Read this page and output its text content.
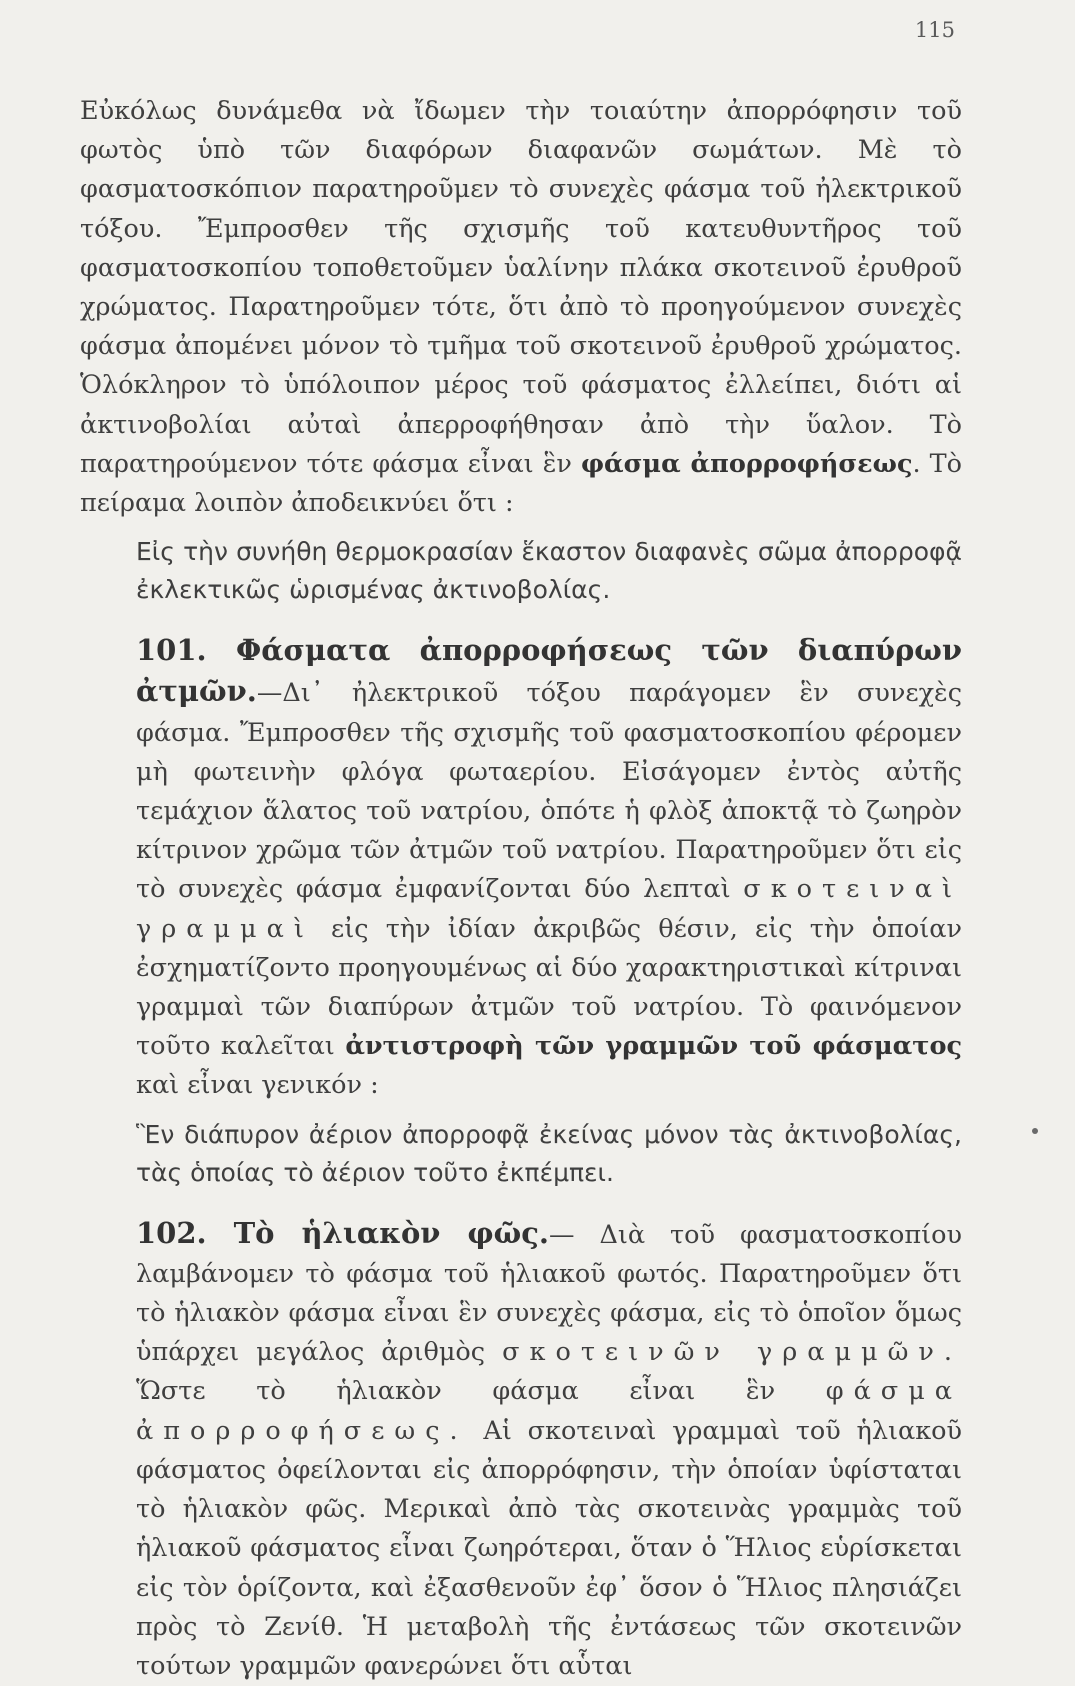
115

Εὐκόλως δυνάμεθα νὰ ἴδωμεν τὴν τοιαύτην ἀπορρόφησιν τοῦ φωτὸς ὑπὸ τῶν διαφόρων διαφανῶν σωμάτων. Μὲ τὸ φασματοσκόπιον παρατηροῦμεν τὸ συνεχὲς φάσμα τοῦ ἠλεκτρικοῦ τόξου. Ἔμπροσθεν τῆς σχισμῆς τοῦ κατευθυντῆρος τοῦ φασματοσκοπίου τοποθετοῦμεν ὑαλίνην πλάκα σκοτεινοῦ ἐρυθροῦ χρώματος. Παρατηροῦμεν τότε, ὅτι ἀπὸ τὸ προηγούμενον συνεχὲς φάσμα ἀπομένει μόνον τὸ τμῆμα τοῦ σκοτεινοῦ ἐρυθροῦ χρώματος. Ὁλόκληρον τὸ ὑπόλοιπον μέρος τοῦ φάσματος ἐλλείπει, διότι αἱ ἀκτινοβολίαι αὐταὶ ἀπερροφήθησαν ἀπὸ τὴν ὕαλον. Τὸ παρατηρούμενον τότε φάσμα εἶναι ἓν φάσμα ἀπορροφήσεως. Τὸ πείραμα λοιπὸν ἀποδεικνύει ὅτι :

Εἰς τὴν συνήθη θερμοκρασίαν ἕκαστον διαφανὲς σῶμα ἀπορροφᾷ ἐκλεκτικῶς ὡρισμένας ἀκτινοβολίας.

101. Φάσματα ἀπορροφήσεως τῶν διαπύρων ἀτμῶν.—Δι᾽ ἠλεκτρικοῦ τόξου παράγομεν ἓν συνεχὲς φάσμα. Ἔμπροσθεν τῆς σχισμῆς τοῦ φασματοσκοπίου φέρομεν μὴ φωτεινὴν φλόγα φωταερίου. Εἰσάγομεν ἐντὸς αὐτῆς τεμάχιον ἅλατος τοῦ νατρίου, ὁπότε ἡ φλὸξ ἀποκτᾷ τὸ ζωηρὸν κίτρινον χρῶμα τῶν ἀτμῶν τοῦ νατρίου. Παρατηροῦμεν ὅτι εἰς τὸ συνεχὲς φάσμα ἐμφανίζονται δύο λεπταὶ σκοτειναὶ γραμμαὶ εἰς τὴν ἰδίαν ἀκριβῶς θέσιν, εἰς τὴν ὁποίαν ἐσχηματίζοντο προηγουμένως αἱ δύο χαρακτηριστικαὶ κίτριναι γραμμαὶ τῶν διαπύρων ἀτμῶν τοῦ νατρίου. Τὸ φαινόμενον τοῦτο καλεῖται ἀντιστροφὴ τῶν γραμμῶν τοῦ φάσματος καὶ εἶναι γενικόν :

Ἓν διάπυρον ἀέριον ἀπορροφᾷ ἐκείνας μόνον τὰς ἀκτινοβολίας, τὰς ὁποίας τὸ ἀέριον τοῦτο ἐκπέμπει.

102. Τὸ ἡλιακὸν φῶς.— Διὰ τοῦ φασματοσκοπίου λαμβάνομεν τὸ φάσμα τοῦ ἡλιακοῦ φωτός. Παρατηροῦμεν ὅτι τὸ ἡλιακὸν φάσμα εἶναι ἓν συνεχὲς φάσμα, εἰς τὸ ὁποῖον ὅμως ὑπάρχει μεγάλος ἀριθμὸς σκοτεινῶν γραμμῶν. Ὥστε τὸ ἡλιακὸν φάσμα εἶναι ἓν φάσμα ἀπορροφήσεως. Αἱ σκοτειναὶ γραμμαὶ τοῦ ἡλιακοῦ φάσματος ὀφείλονται εἰς ἀπορρόφησιν, τὴν ὁποίαν ὑφίσταται τὸ ἡλιακὸν φῶς. Μερικαὶ ἀπὸ τὰς σκοτεινὰς γραμμὰς τοῦ ἡλιακοῦ φάσματος εἶναι ζωηρότεραι, ὅταν ὁ Ἥλιος εὑρίσκεται εἰς τὸν ὁρίζοντα, καὶ ἐξασθενοῦν ἐφ᾽ ὅσον ὁ Ἥλιος πλησιάζει πρὸς τὸ Ζενίθ. Ἡ μεταβολὴ τῆς ἐντάσεως τῶν σκοτεινῶν τούτων γραμμῶν φανερώνει ὅτι αὗται
